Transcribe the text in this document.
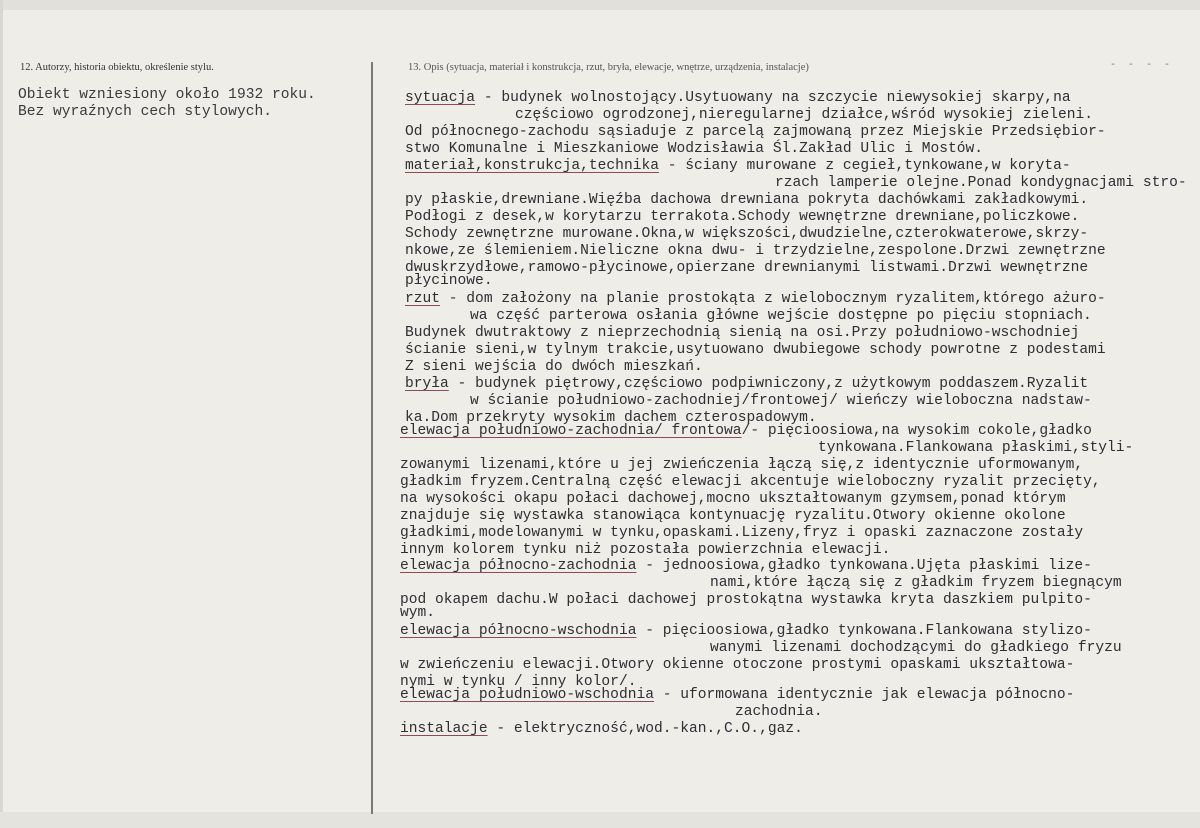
12. Autorzy, historia obiektu, określenie stylu.	13. Opis (sytuacja, materiał i konstrukcja, rzut, bryła, elewacje, wnętrze, urządzenia, instalacje)	- - - -
Obiekt wzniesiony około 1932 roku.
Bez wyraźnych cech stylowych.
sytuacja - budynek wolnostojący.Usytuowany na szczycie niewysokiej skarpy,na
częściowo ogrodzonej,nieregularnej działce,wśród wysokiej zieleni.
Od północnego-zachodu sąsiaduje z parcelą zajmowaną przez Miejskie Przedsiębior-
stwo Komunalne i Mieszkaniowe Wodzisławia Śl.Zakład Ulic i Mostów.
materiał,konstrukcja,technika - ściany murowane z cegieł,tynkowane,w koryta-
rzach lamperie olejne.Ponad kondygnacjami stro-
py płaskie,drewniane.Więźba dachowa drewniana pokryta dachówkami zakładkowymi.
Podłogi z desek,w korytarzu terrakota.Schody wewnętrzne drewniane,policzkowe.
Schody zewnętrzne murowane.Okna,w większości,dwudzielne,czterokwaterowe,skrzy-
nkowe,ze ślemieniem.Nieliczne okna dwu- i trzydzielne,zespolone.Drzwi zewnętrzne
dwuskrzydłowe,ramowo-płycinowe,opierzane drewnianymi listwami.Drzwi wewnętrzne
płycinowe.
rzut - dom założony na planie prostokąta z wielobocznym ryzalitem,którego ażuro-
wa część parterowa osłania główne wejście dostępne po pięciu stopniach.
Budynek dwutraktowy z nieprzechodnią sienią na osi.Przy południowo-wschodniej
ścianie sieni,w tylnym trakcie,usytuowano dwubiegowe schody powrotne z podestami
Z sieni wejścia do dwóch mieszkań.
bryła - budynek piętrowy,częściowo podpiwniczony,z użytkowym poddaszem.Ryzalit
w ścianie południowo-zachodniej/frontowej/ wieńczy wieloboczna nadstaw-
ka.Dom przekryty wysokim dachem czterospadowym.
elewacja południowo-zachodnia/ frontowa/- pięcioosiowa,na wysokim cokole,gładko
tynkowana.Flankowana płaskimi,styli-
zowanymi lizenami,które u jej zwieńczenia łączą się,z identycznie uformowanym,
gładkim fryzem.Centralną część elewacji akcentuje wieloboczny ryzalit przecięty,
na wysokości okapu połaci dachowej,mocno ukształtowanym gzymsem,ponad którym
znajduje się wystawka stanowiąca kontynuację ryzalitu.Otwory okienne okolone
gładkimi,modelowanymi w tynku,opaskami.Lizeny,fryz i opaski zaznaczone zostały
innym kolorem tynku niż pozostała powierzchnia elewacji.
elewacja północno-zachodnia - jednoosiowa,gładko tynkowana.Ujęta płaskimi lize-
nami,które łączą się z gładkim fryzem biegnącym
pod okapem dachu.W połaci dachowej prostokątna wystawka kryta daszkiem pulpito-
wym.
elewacja północno-wschodnia - pięcioosiowa,gładko tynkowana.Flankowana stylizo-
wanymi lizenami dochodzącymi do gładkiego fryzu
w zwieńczeniu elewacji.Otwory okienne otoczone prostymi opaskami ukształtowa-
nymi w tynku / inny kolor/.
elewacja południowo-wschodnia - uformowana identycznie jak elewacja północno-
zachodnia.
instalacje - elektryczność,wod.-kan.,C.O.,gaz.
